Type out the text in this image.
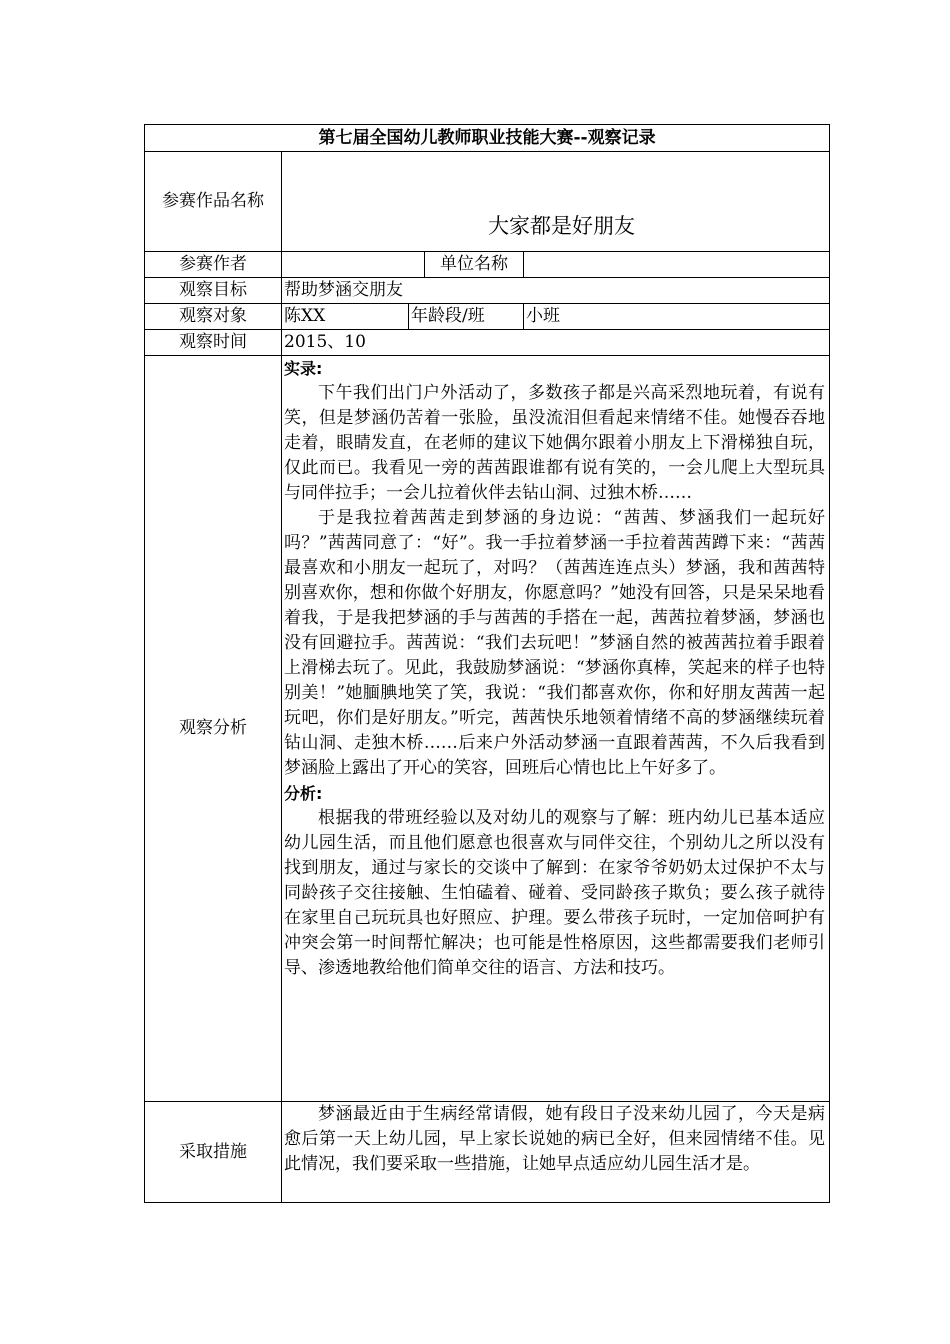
第七届全国幼儿教师职业技能大赛--观察记录				
参赛作品名称	大家都是好朋友			

参赛作者			单位名称	
观察目标	帮助梦涵交朋友			
观察对象	陈XX	年龄段/班		小班
观察时间	2015、10			
观察分析	实录:

下午我们出门户外活动了，多数孩子都是兴高采烈地玩着，有说有笑，但是梦涵仍苦着一张脸，虽没流泪但看起来情绪不佳。她慢吞吞地走着，眼睛发直，在老师的建议下她偶尔跟着小朋友上下滑梯独自玩，仅此而已。我看见一旁的茜茜跟谁都有说有笑的，一会儿爬上大型玩具与同伴拉手；一会儿拉着伙伴去钻山洞、过独木桥……

于是我拉着茜茜走到梦涵的身边说：“茜茜、梦涵我们一起玩好吗？”茜茜同意了：“好”。我一手拉着梦涵一手拉着茜茜蹲下来：“茜茜最喜欢和小朋友一起玩了，对吗？（茜茜连连点头）梦涵，我和茜茜特别喜欢你，想和你做个好朋友，你愿意吗？”她没有回答，只是呆呆地看着我，于是我把梦涵的手与茜茜的手搭在一起，茜茜拉着梦涵，梦涵也没有回避拉手。茜茜说：“我们去玩吧！”梦涵自然的被茜茜拉着手跟着上滑梯去玩了。见此，我鼓励梦涵说：“梦涵你真棒，笑起来的样子也特别美！”她腼腆地笑了笑，我说：“我们都喜欢你，你和好朋友茜茜一起玩吧，你们是好朋友。”听完，茜茜快乐地领着情绪不高的梦涵继续玩着钻山洞、走独木桥……后来户外活动梦涵一直跟着茜茜，不久后我看到梦涵脸上露出了开心的笑容，回班后心情也比上午好多了。

分析:

根据我的带班经验以及对幼儿的观察与了解：班内幼儿已基本适应幼儿园生活，而且他们愿意也很喜欢与同伴交往，个别幼儿之所以没有找到朋友，通过与家长的交谈中了解到：在家爷爷奶奶太过保护不太与同龄孩子交往接触、生怕磕着、碰着、受同龄孩子欺负；要么孩子就待在家里自己玩玩具也好照应、护理。要么带孩子玩时，一定加倍呵护有冲突会第一时间帮忙解决；也可能是性格原因，这些都需要我们老师引导、渗透地教给他们简单交往的语言、方法和技巧。			

采取措施	梦涵最近由于生病经常请假，她有段日子没来幼儿园了，今天是病愈后第一天上幼儿园，早上家长说她的病已全好，但来园情绪不佳。见此情况，我们要采取一些措施，让她早点适应幼儿园生活才是。			
